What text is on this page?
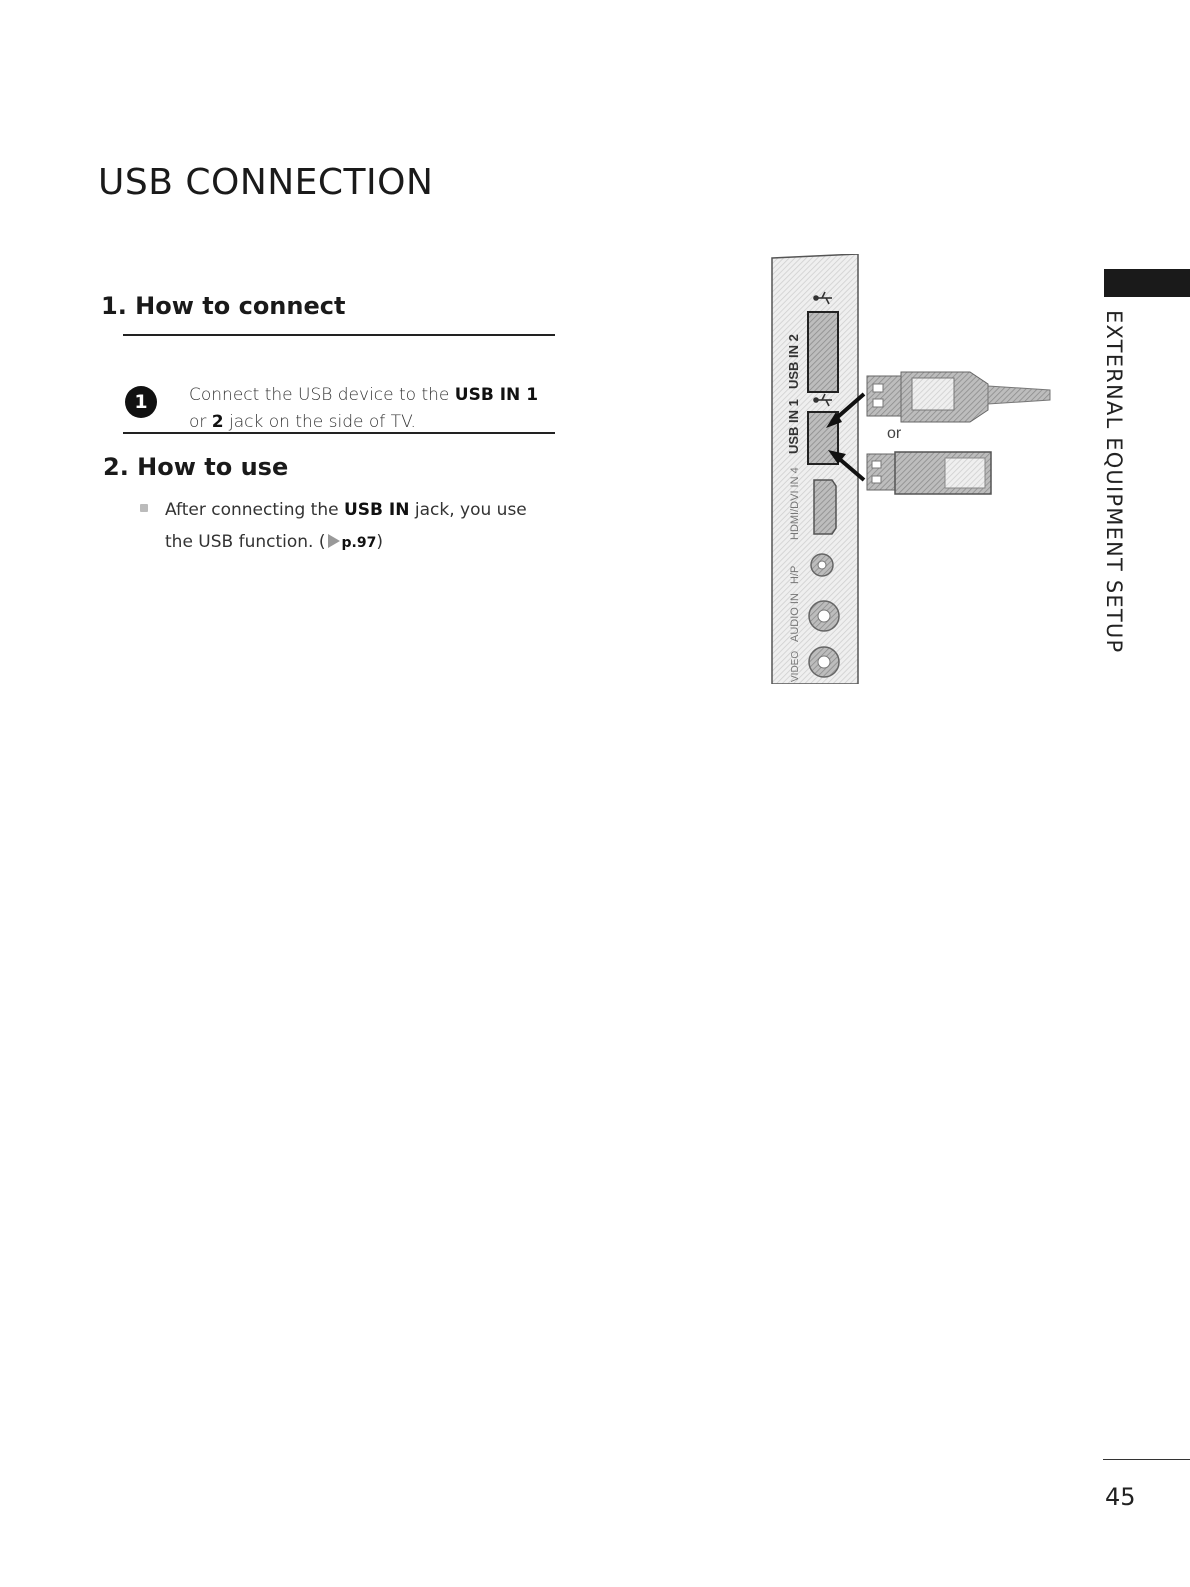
USB CONNECTION
1. How to connect
1	Connect the USB device to the USB IN 1 or 2 jack on the side of TV.
2. How to use
After connecting the USB IN jack, you use the USB function. ( p.97)
USB IN 2
USB IN 1
HDMI/DVI IN 4
H/P
AUDIO IN
VIDEO
or	EXTERNAL EQUIPMENT SETUP
45
